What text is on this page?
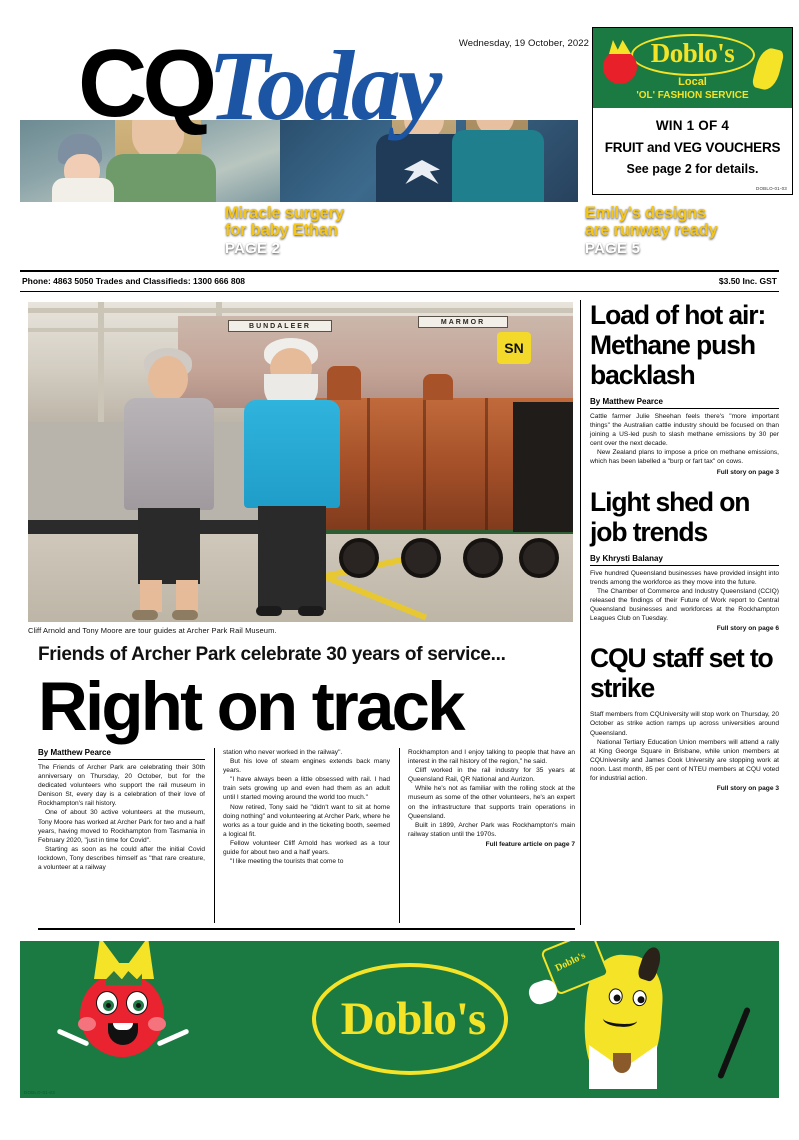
CQToday Wednesday, 19 October, 2022
Miracle surgery
for baby Ethan
PAGE 2
Emily's designs
are runway ready
PAGE 5
Doblo's
Local
'OL' FASHION SERVICE
WIN 1 OF 4
FRUIT and VEG VOUCHERS
See page 2 for details.
DOBLO-01-03
Phone: 4863 5050 Trades and Classifieds: 1300 666 808	$3.50 Inc. GST
BUNDALEER
MARMOR
SN
Cliff Arnold and Tony Moore are tour guides at Archer Park Rail Museum.
Friends of Archer Park celebrate 30 years of service...
Right on track
By Matthew Pearce

The Friends of Archer Park are celebrating their 30th anniversary on Thursday, 20 October, but for the dedicated volunteers who support the rail museum in Denison St, every day is a celebration of their love of Rockhampton's rail history.

One of about 30 active volunteers at the museum, Tony Moore has worked at Archer Park for two and a half years, having moved to Rockhampton from Tasmania in February 2020, "just in time for Covid".

Starting as soon as he could after the initial Covid lockdown, Tony describes himself as "that rare creature, a volunteer at a railway

station who never worked in the railway".

But his love of steam engines extends back many years.

"I have always been a little obsessed with rail. I had train sets growing up and even had them as an adult until I started moving around the world too much."

Now retired, Tony said he "didn't want to sit at home doing nothing" and volunteering at Archer Park, where he works as a tour guide and in the ticketing booth, seemed a logical fit.

Fellow volunteer Cliff Arnold has worked as a tour guide for about two and a half years.

"I like meeting the tourists that come to

Rockhampton and I enjoy talking to people that have an interest in the rail history of the region," he said.

Cliff worked in the rail industry for 35 years at Queensland Rail, QR National and Aurizon.

While he's not as familiar with the rolling stock at the museum as some of the other volunteers, he's an expert on the infrastructure that supports train operations in Queensland.

Built in 1899, Archer Park was Rockhampton's main railway station until the 1970s.

Full feature article on page 7

Load of hot air: Methane push backlash
By Matthew Pearce

Cattle farmer Julie Sheehan feels there's "more important things" the Australian cattle industry should be focused on than joining a US-led push to slash methane emissions by 30 per cent over the next decade.

New Zealand plans to impose a price on methane emissions, which has been labelled a "burp or fart tax" on cows.

Full story on page 3

Light shed on job trends
By Khrysti Balanay

Five hundred Queensland businesses have provided insight into trends among the workforce as they move into the future.

The Chamber of Commerce and Industry Queensland (CCIQ) released the findings of their Future of Work report to Central Queensland businesses and workforces at the Rockhampton Leagues Club on Tuesday.

Full story on page 6

CQU staff set to strike

Staff members from CQUniversity will stop work on Thursday, 20 October as strike action ramps up across universities around Queensland.

National Tertiary Education Union members will attend a rally at King George Square in Brisbane, while union members at CQUniversity and James Cook University are stopping work at noon. Last month, 85 per cent of NTEU members at CQU voted for industrial action.

Full story on page 3

Doblo's
Doblo's
DOBLO-01-03
